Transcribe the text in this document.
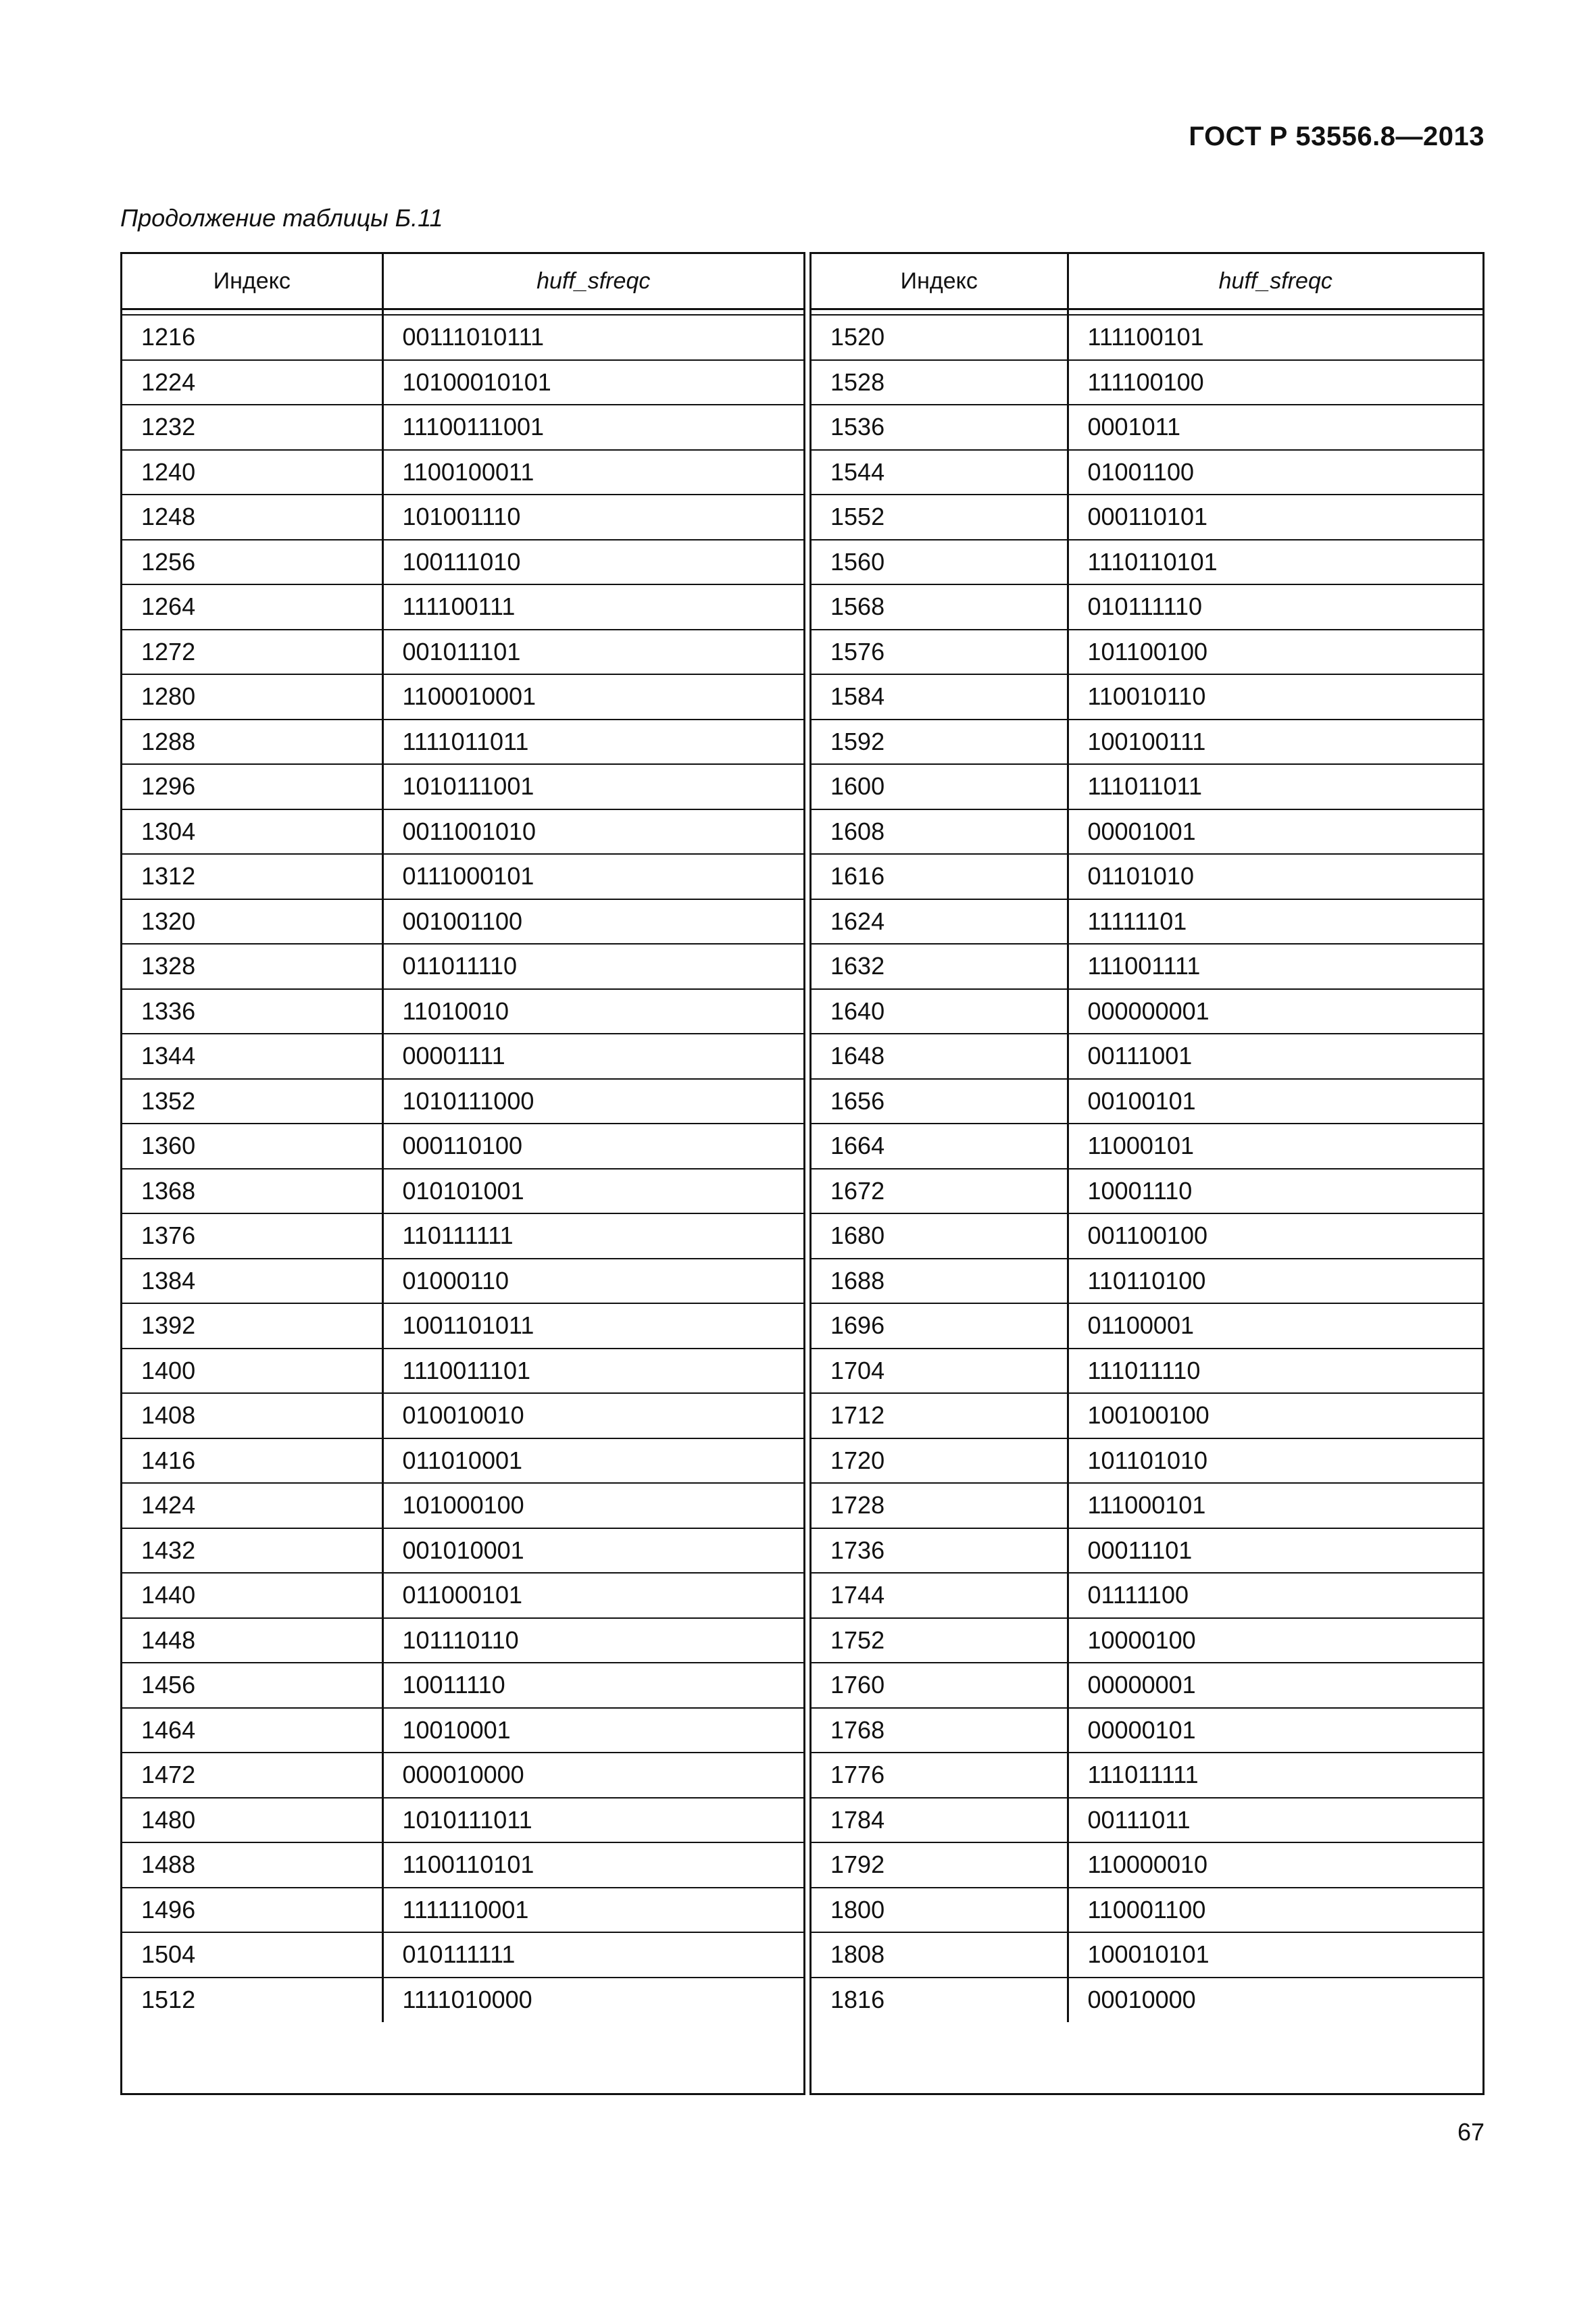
ГОСТ Р 53556.8—2013
Продолжение таблицы Б.11
Индекс	huff_sfreqc

1216	00111010111
1224	10100010101
1232	11100111001
1240	1100100011
1248	101001110
1256	100111010
1264	111100111
1272	001011101
1280	1100010001
1288	1111011011
1296	1010111001
1304	0011001010
1312	0111000101
1320	001001100
1328	011011110
1336	11010010
1344	00001111
1352	1010111000
1360	000110100
1368	010101001
1376	110111111
1384	01000110
1392	1001101011
1400	1110011101
1408	010010010
1416	011010001
1424	101000100
1432	001010001
1440	011000101
1448	101110110
1456	10011110
1464	10010001
1472	000010000
1480	1010111011
1488	1100110101
1496	1111110001
1504	010111111
1512	1111010000
Индекс	huff_sfreqc

1520	111100101
1528	111100100
1536	0001011
1544	01001100
1552	000110101
1560	1110110101
1568	010111110
1576	101100100
1584	110010110
1592	100100111
1600	111011011
1608	00001001
1616	01101010
1624	11111101
1632	111001111
1640	000000001
1648	00111001
1656	00100101
1664	11000101
1672	10001110
1680	001100100
1688	110110100
1696	01100001
1704	111011110
1712	100100100
1720	101101010
1728	111000101
1736	00011101
1744	01111100
1752	10000100
1760	00000001
1768	00000101
1776	111011111
1784	00111011
1792	110000010
1800	110001100
1808	100010101
1816	00010000
67
